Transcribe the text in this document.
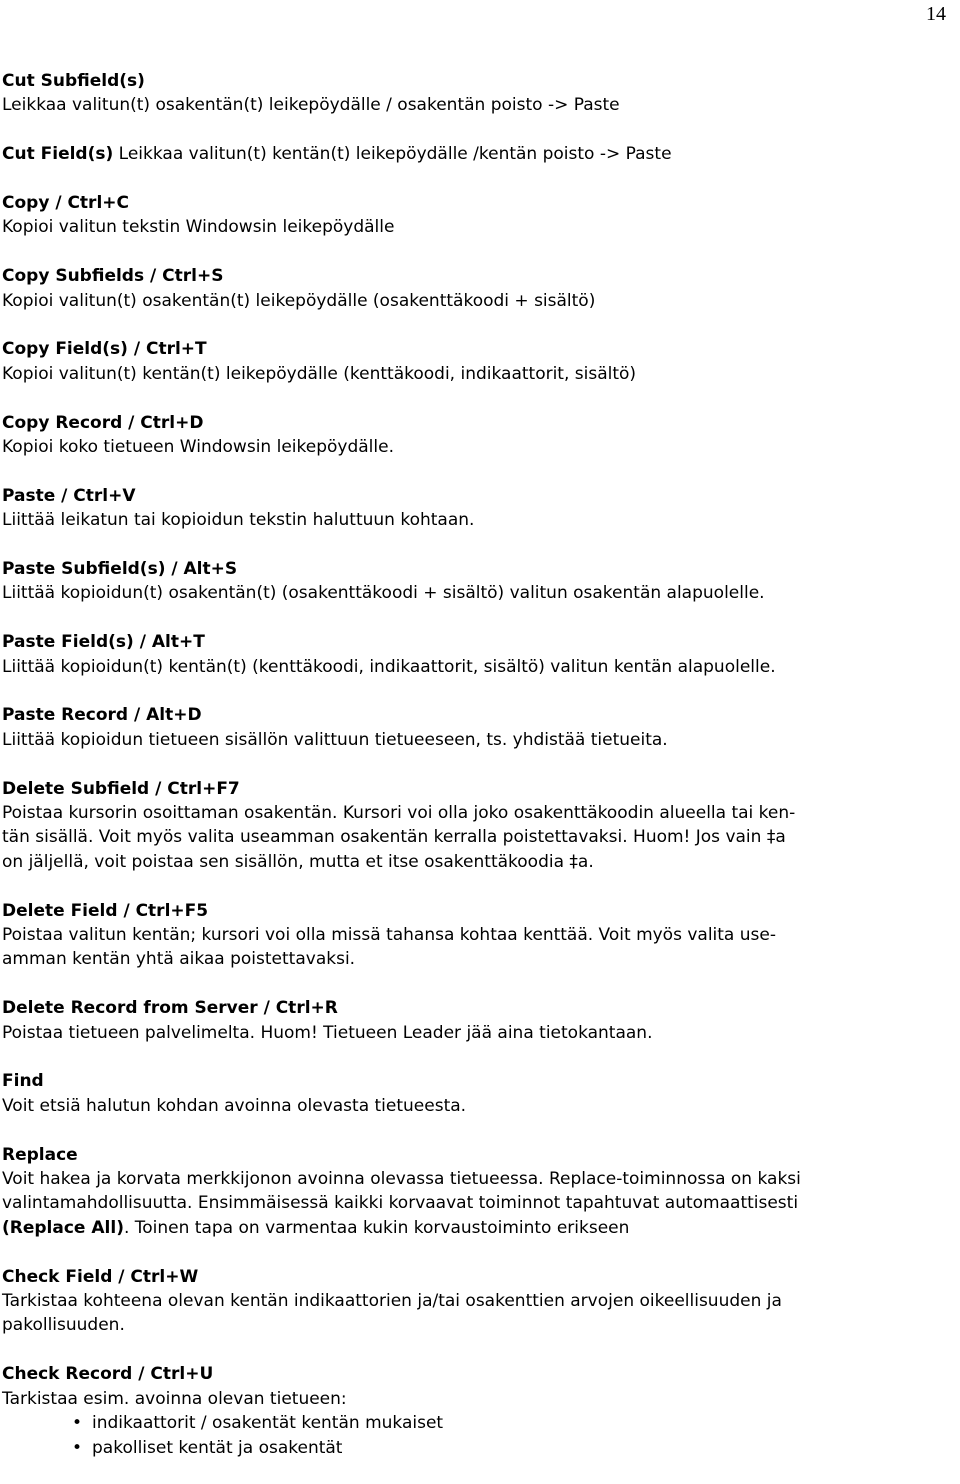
14
Cut Subfield(s)
Leikkaa valitun(t) osakentän(t) leikepöydälle / osakentän poisto -> Paste
Cut Field(s) Leikkaa valitun(t) kentän(t) leikepöydälle /kentän poisto -> Paste
Copy / Ctrl+C
Kopioi valitun tekstin Windowsin leikepöydälle
Copy Subfields / Ctrl+S
Kopioi valitun(t) osakentän(t) leikepöydälle (osakenttäkoodi + sisältö)
Copy Field(s) / Ctrl+T
Kopioi valitun(t) kentän(t) leikepöydälle (kenttäkoodi, indikaattorit, sisältö)
Copy Record / Ctrl+D
Kopioi koko tietueen Windowsin leikepöydälle.
Paste / Ctrl+V
Liittää leikatun tai kopioidun tekstin haluttuun kohtaan.
Paste Subfield(s) / Alt+S
Liittää kopioidun(t) osakentän(t) (osakenttäkoodi + sisältö) valitun osakentän alapuolelle.
Paste Field(s) / Alt+T
Liittää kopioidun(t) kentän(t) (kenttäkoodi, indikaattorit, sisältö) valitun kentän alapuolelle.
Paste Record / Alt+D
Liittää kopioidun tietueen sisällön valittuun tietueeseen, ts. yhdistää tietueita.
Delete Subfield / Ctrl+F7
Poistaa kursorin osoittaman osakentän. Kursori voi olla joko osakenttäkoodin alueella tai ken-
tän sisällä. Voit myös valita useamman osakentän kerralla poistettavaksi. Huom! Jos vain ‡a
on jäljellä, voit poistaa sen sisällön, mutta et itse osakenttäkoodia ‡a.
Delete Field / Ctrl+F5
Poistaa valitun kentän; kursori voi olla missä tahansa kohtaa kenttää. Voit myös valita use-
amman kentän yhtä aikaa poistettavaksi.
Delete Record from Server / Ctrl+R
Poistaa tietueen palvelimelta. Huom! Tietueen Leader jää aina tietokantaan.
Find
Voit etsiä halutun kohdan avoinna olevasta tietueesta.
Replace
Voit hakea ja korvata merkkijonon avoinna olevassa tietueessa. Replace-toiminnossa on kaksi
valintamahdollisuutta. Ensimmäisessä kaikki korvaavat toiminnot tapahtuvat automaattisesti
(Replace All). Toinen tapa on varmentaa kukin korvaustoiminto erikseen
Check Field / Ctrl+W
Tarkistaa kohteena olevan kentän indikaattorien ja/tai osakenttien arvojen oikeellisuuden ja
pakollisuuden.
Check Record / Ctrl+U
Tarkistaa esim. avoinna olevan tietueen:
• indikaattorit / osakentät kentän mukaiset
• pakolliset kentät ja osakentät
